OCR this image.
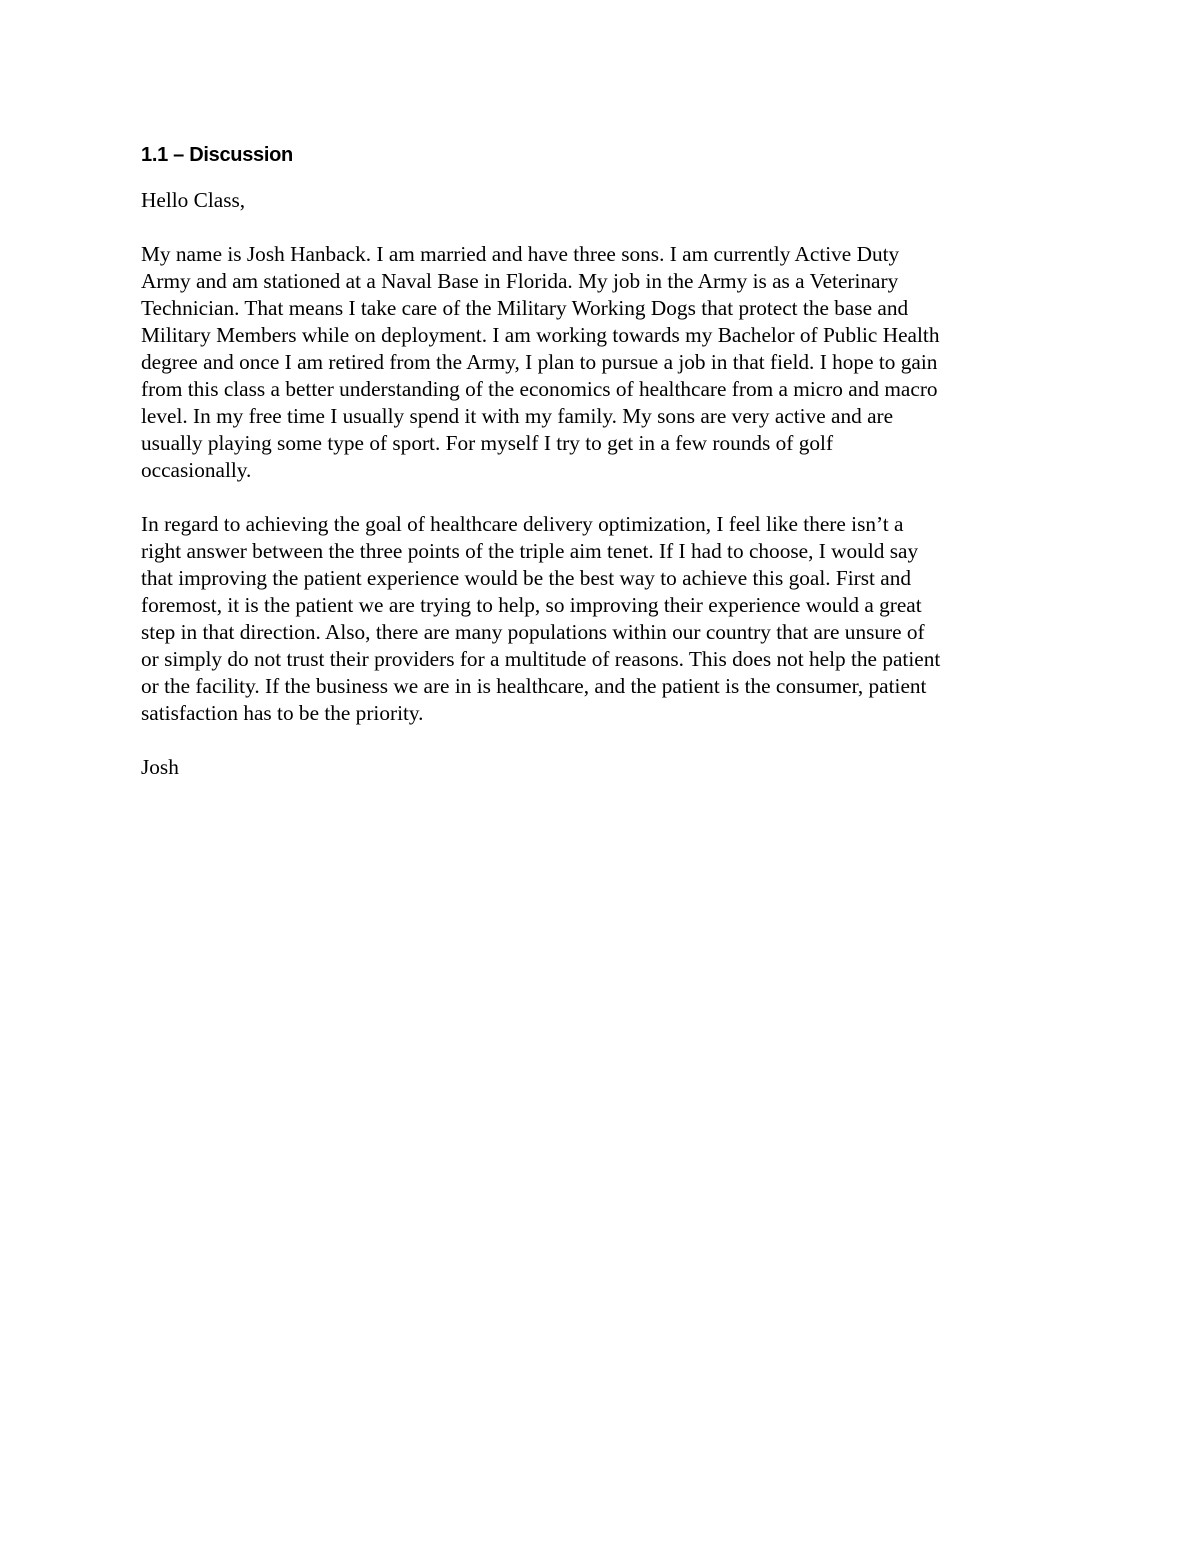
1.1 – Discussion

Hello Class,

My name is Josh Hanback. I am married and have three sons. I am currently Active Duty
Army and am stationed at a Naval Base in Florida. My job in the Army is as a Veterinary
Technician. That means I take care of the Military Working Dogs that protect the base and
Military Members while on deployment. I am working towards my Bachelor of Public Health
degree and once I am retired from the Army, I plan to pursue a job in that field. I hope to gain
from this class a better understanding of the economics of healthcare from a micro and macro
level. In my free time I usually spend it with my family. My sons are very active and are
usually playing some type of sport. For myself I try to get in a few rounds of golf
occasionally.

In regard to achieving the goal of healthcare delivery optimization, I feel like there isn’t a
right answer between the three points of the triple aim tenet. If I had to choose, I would say
that improving the patient experience would be the best way to achieve this goal. First and
foremost, it is the patient we are trying to help, so improving their experience would a great
step in that direction. Also, there are many populations within our country that are unsure of
or simply do not trust their providers for a multitude of reasons. This does not help the patient
or the facility. If the business we are in is healthcare, and the patient is the consumer, patient
satisfaction has to be the priority.

Josh
